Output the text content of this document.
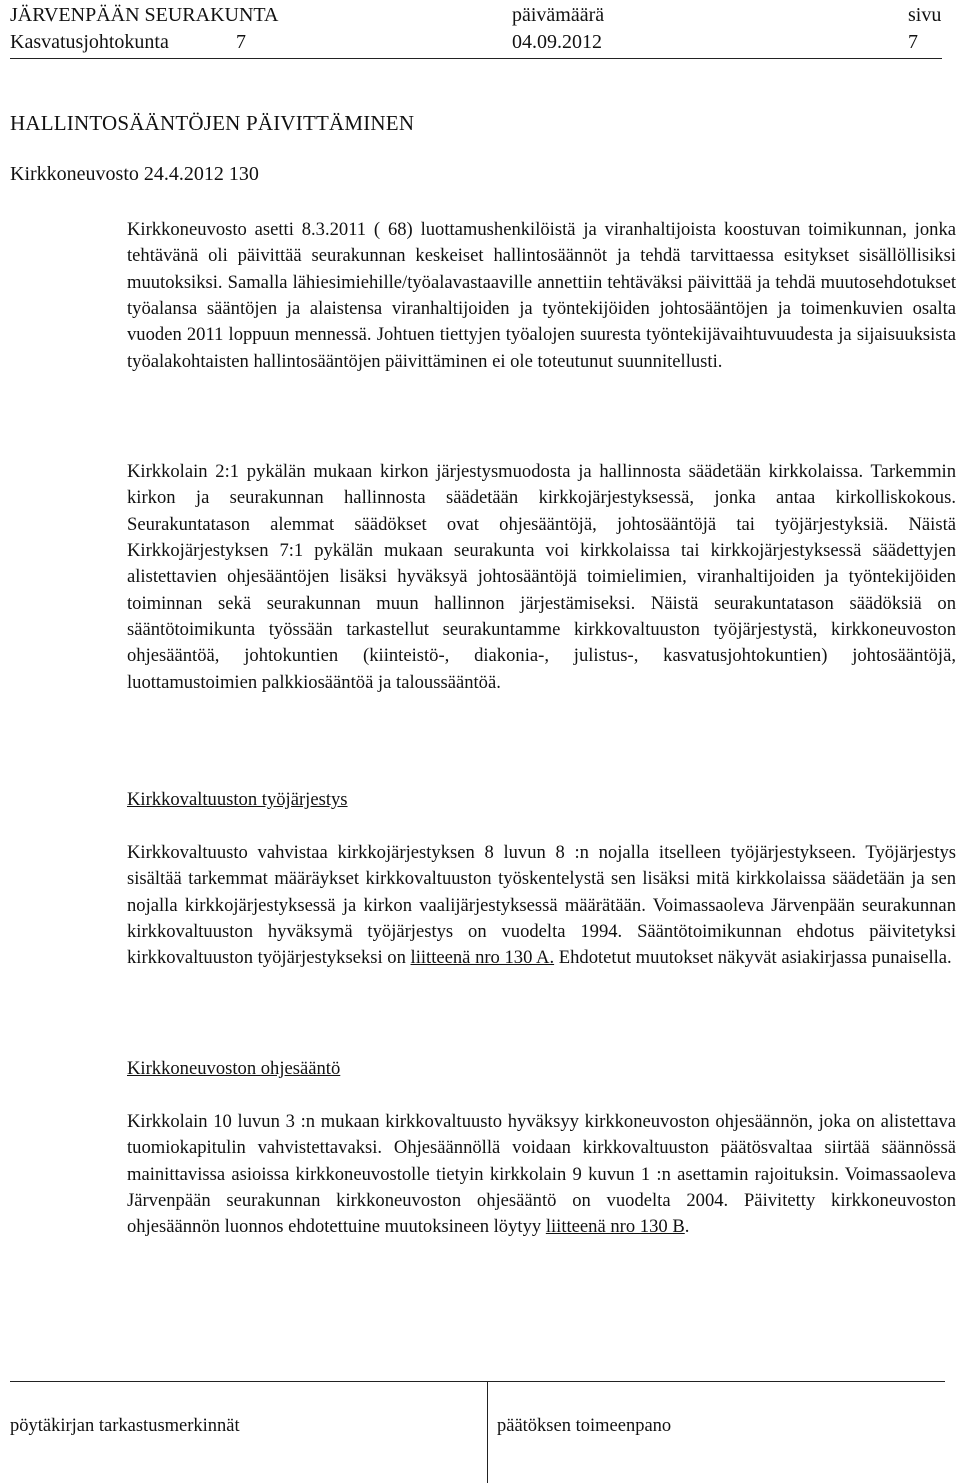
JÄRVENPÄÄN SEURAKUNTA
Kasvatusjohtokunta	7
päivämäärä
04.09.2012
sivu
7
HALLINTOSÄÄNTÖJEN PÄIVITTÄMINEN
Kirkkoneuvosto 24.4.2012 130

Kirkkoneuvosto asetti 8.3.2011 ( 68) luottamushenkilöistä ja viranhaltijoista koostuvan toimikunnan, jonka tehtävänä oli päivittää seurakunnan keskeiset hallintosäännöt ja tehdä tarvittaessa esitykset sisällöllisiksi muutoksiksi. Samalla lähiesimiehille/työalavastaaville annettiin tehtäväksi päivittää ja tehdä muutosehdotukset työalansa sääntöjen ja alaistensa viranhaltijoiden ja työntekijöiden johtosääntöjen ja toimenkuvien osalta vuoden 2011 loppuun mennessä. Johtuen tiettyjen työalojen suuresta työntekijävaihtuvuudesta ja sijaisuuksista työalakohtaisten hallintosääntöjen päivittäminen ei ole toteutunut suunnitellusti.

Kirkkolain 2:1 pykälän mukaan kirkon järjestysmuodosta ja hallinnosta säädetään kirkkolaissa. Tarkemmin kirkon ja seurakunnan hallinnosta säädetään kirkkojärjestyksessä, jonka antaa kirkolliskokous. Seurakuntatason alemmat säädökset ovat ohjesääntöjä, johtosääntöjä tai työjärjestyksiä. Näistä Kirkkojärjestyksen 7:1 pykälän mukaan seurakunta voi kirkkolaissa tai kirkkojärjestyksessä säädettyjen alistettavien ohjesääntöjen lisäksi hyväksyä johtosääntöjä toimielimien, viranhaltijoiden ja työntekijöiden toiminnan sekä seurakunnan muun hallinnon järjestämiseksi. Näistä seurakuntatason säädöksiä on sääntötoimikunta työssään tarkastellut seurakuntamme kirkkovaltuuston työjärjestystä, kirkkoneuvoston ohjesääntöä, johtokuntien (kiinteistö-, diakonia-, julistus-, kasvatusjohtokuntien) johtosääntöjä, luottamustoimien palkkiosääntöä ja taloussääntöä.

Kirkkovaltuuston työjärjestys

Kirkkovaltuusto vahvistaa kirkkojärjestyksen 8 luvun 8 :n nojalla itselleen työjärjestykseen. Työjärjestys sisältää tarkemmat määräykset kirkkovaltuuston työskentelystä sen lisäksi mitä kirkkolaissa säädetään ja sen nojalla kirkkojärjestyksessä ja kirkon vaalijärjestyksessä määrätään. Voimassaoleva Järvenpään seurakunnan kirkkovaltuuston hyväksymä työjärjestys on vuodelta 1994. Sääntötoimikunnan ehdotus päivitetyksi kirkkovaltuuston työjärjestykseksi on liitteenä nro 130 A. Ehdotetut muutokset näkyvät asiakirjassa punaisella.

Kirkkoneuvoston ohjesääntö

Kirkkolain 10 luvun 3 :n mukaan kirkkovaltuusto hyväksyy kirkkoneuvoston ohjesäännön, joka on alistettava tuomiokapitulin vahvistettavaksi. Ohjesäännöllä voidaan kirkkovaltuuston päätösvaltaa siirtää säännössä mainittavissa asioissa kirkkoneuvostolle tietyin kirkkolain 9 kuvun 1 :n asettamin rajoituksin. Voimassaoleva Järvenpään seurakunnan kirkkoneuvoston ohjesääntö on vuodelta 2004. Päivitetty kirkkoneuvoston ohjesäännön luonnos ehdotettuine muutoksineen löytyy liitteenä nro 130 B.

pöytäkirjan tarkastusmerkinnät	päätöksen toimeenpano
